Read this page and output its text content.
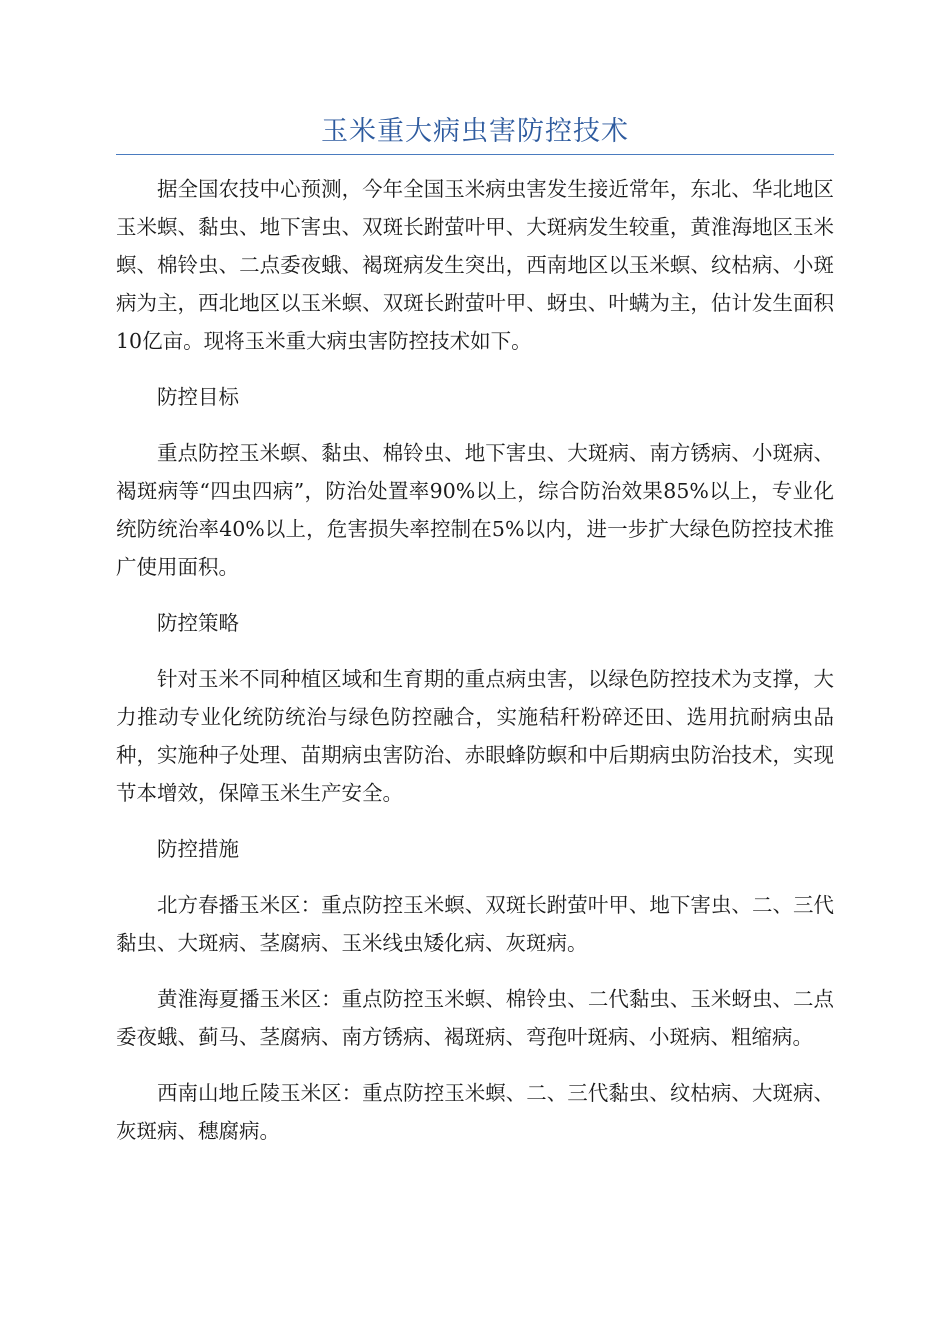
玉米重大病虫害防控技术

据全国农技中心预测，今年全国玉米病虫害发生接近常年，东北、华北地区玉米螟、黏虫、地下害虫、双斑长跗萤叶甲、大斑病发生较重，黄淮海地区玉米螟、棉铃虫、二点委夜蛾、褐斑病发生突出，西南地区以玉米螟、纹枯病、小斑病为主，西北地区以玉米螟、双斑长跗萤叶甲、蚜虫、叶螨为主，估计发生面积10亿亩。现将玉米重大病虫害防控技术如下。

防控目标

重点防控玉米螟、黏虫、棉铃虫、地下害虫、大斑病、南方锈病、小斑病、褐斑病等“四虫四病”，防治处置率90%以上，综合防治效果85%以上，专业化统防统治率40%以上，危害损失率控制在5%以内，进一步扩大绿色防控技术推广使用面积。

防控策略

针对玉米不同种植区域和生育期的重点病虫害，以绿色防控技术为支撑，大力推动专业化统防统治与绿色防控融合，实施秸秆粉碎还田、选用抗耐病虫品种，实施种子处理、苗期病虫害防治、赤眼蜂防螟和中后期病虫防治技术，实现节本增效，保障玉米生产安全。

防控措施

北方春播玉米区：重点防控玉米螟、双斑长跗萤叶甲、地下害虫、二、三代黏虫、大斑病、茎腐病、玉米线虫矮化病、灰斑病。

黄淮海夏播玉米区：重点防控玉米螟、棉铃虫、二代黏虫、玉米蚜虫、二点委夜蛾、蓟马、茎腐病、南方锈病、褐斑病、弯孢叶斑病、小斑病、粗缩病。

西南山地丘陵玉米区：重点防控玉米螟、二、三代黏虫、纹枯病、大斑病、灰斑病、穗腐病。
